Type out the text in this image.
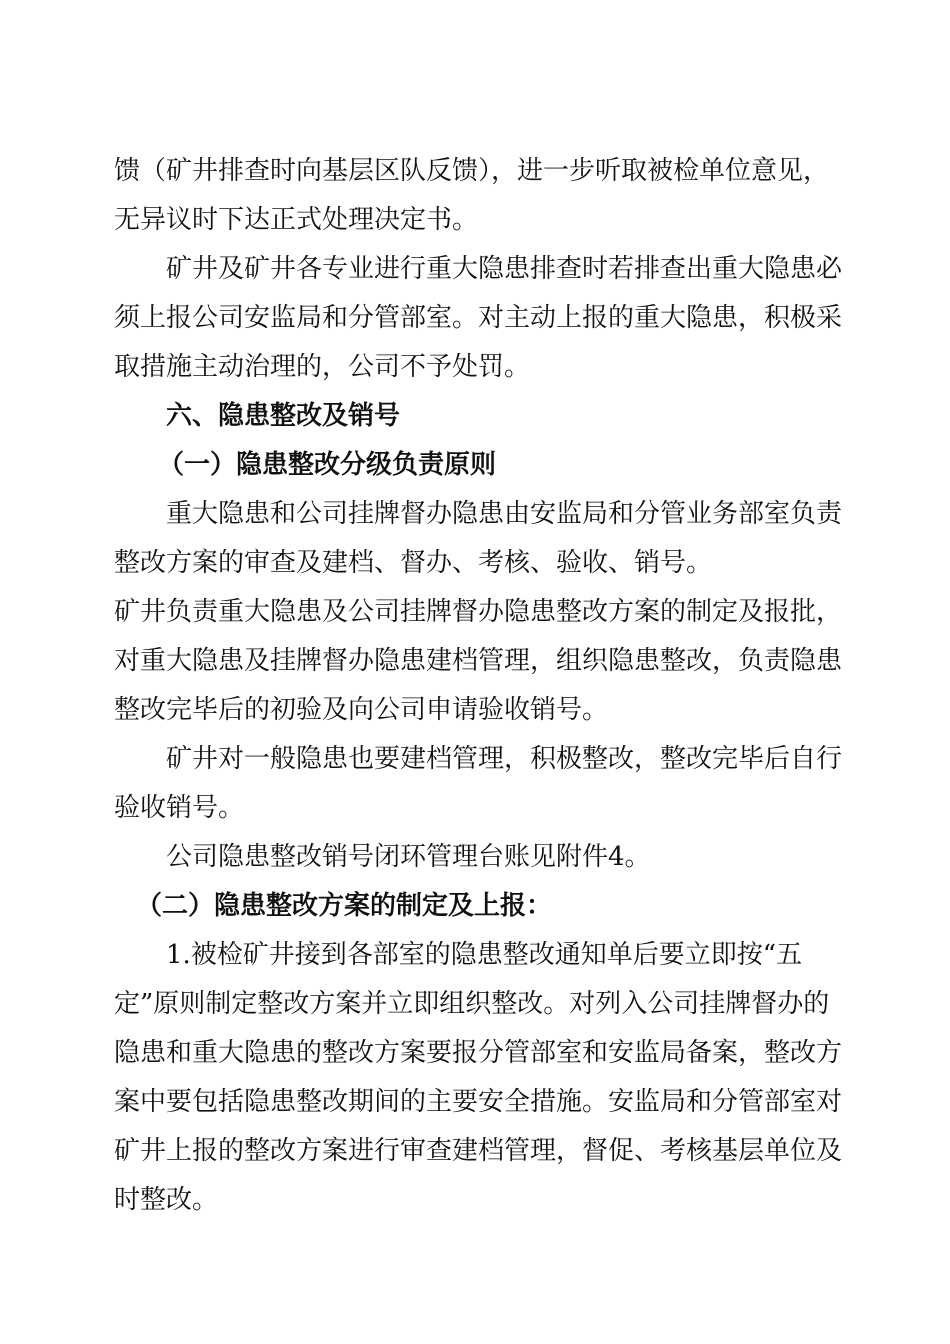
馈（矿井排查时向基层区队反馈），进一步听取被检单位意见，
无异议时下达正式处理决定书。
矿井及矿井各专业进行重大隐患排查时若排查出重大隐患必
须上报公司安监局和分管部室。对主动上报的重大隐患，积极采
取措施主动治理的，公司不予处罚。
六、隐患整改及销号
（一）隐患整改分级负责原则
重大隐患和公司挂牌督办隐患由安监局和分管业务部室负责
整改方案的审查及建档、督办、考核、验收、销号。
矿井负责重大隐患及公司挂牌督办隐患整改方案的制定及报批，
对重大隐患及挂牌督办隐患建档管理，组织隐患整改，负责隐患
整改完毕后的初验及向公司申请验收销号。
矿井对一般隐患也要建档管理，积极整改，整改完毕后自行
验收销号。
公司隐患整改销号闭环管理台账见附件4。
（二）隐患整改方案的制定及上报：
1.被检矿井接到各部室的隐患整改通知单后要立即按“五
定”原则制定整改方案并立即组织整改。对列入公司挂牌督办的
隐患和重大隐患的整改方案要报分管部室和安监局备案，整改方
案中要包括隐患整改期间的主要安全措施。安监局和分管部室对
矿井上报的整改方案进行审查建档管理，督促、考核基层单位及
时整改。
